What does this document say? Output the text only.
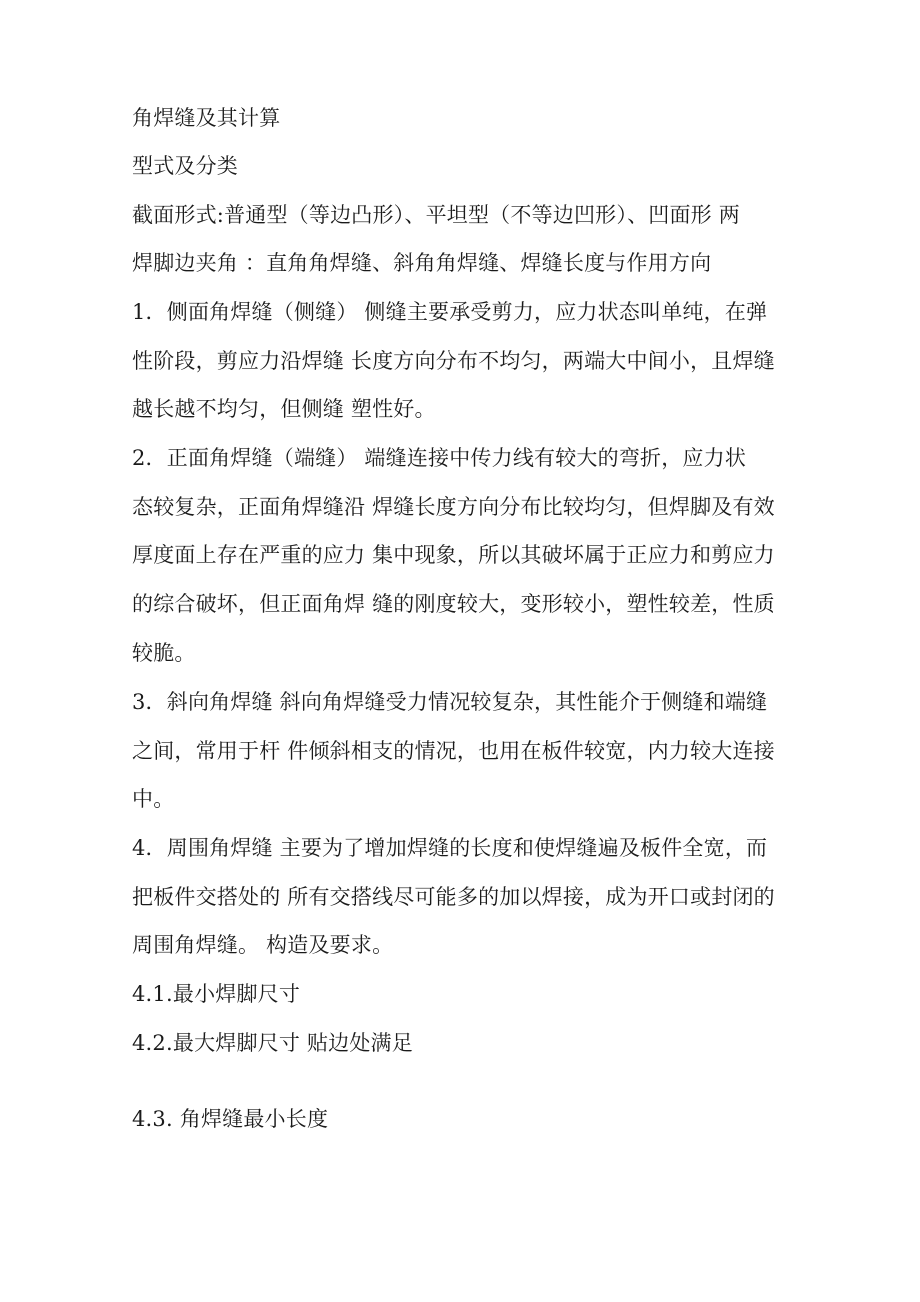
角焊缝及其计算
型式及分类
截面形式:普通型（等边凸形）、平坦型（不等边凹形）、凹面形 两
焊脚边夹角 ：直角角焊缝、斜角角焊缝、焊缝长度与作用方向
1．侧面角焊缝（侧缝） 侧缝主要承受剪力，应力状态叫单纯，在弹
性阶段，剪应力沿焊缝 长度方向分布不均匀，两端大中间小，且焊缝
越长越不均匀，但侧缝 塑性好。
2．正面角焊缝（端缝） 端缝连接中传力线有较大的弯折，应力状
态较复杂，正面角焊缝沿 焊缝长度方向分布比较均匀，但焊脚及有效
厚度面上存在严重的应力 集中现象，所以其破坏属于正应力和剪应力
的综合破坏，但正面角焊 缝的刚度较大，变形较小，塑性较差，性质
较脆。
3．斜向角焊缝 斜向角焊缝受力情况较复杂，其性能介于侧缝和端缝
之间，常用于杆 件倾斜相支的情况，也用在板件较宽，内力较大连接
中。
4．周围角焊缝 主要为了增加焊缝的长度和使焊缝遍及板件全宽，而
把板件交搭处的 所有交搭线尽可能多的加以焊接，成为开口或封闭的
周围角焊缝。 构造及要求。
4.1.最小焊脚尺寸
4.2.最大焊脚尺寸 贴边处满足
4.3. 角焊缝最小长度
